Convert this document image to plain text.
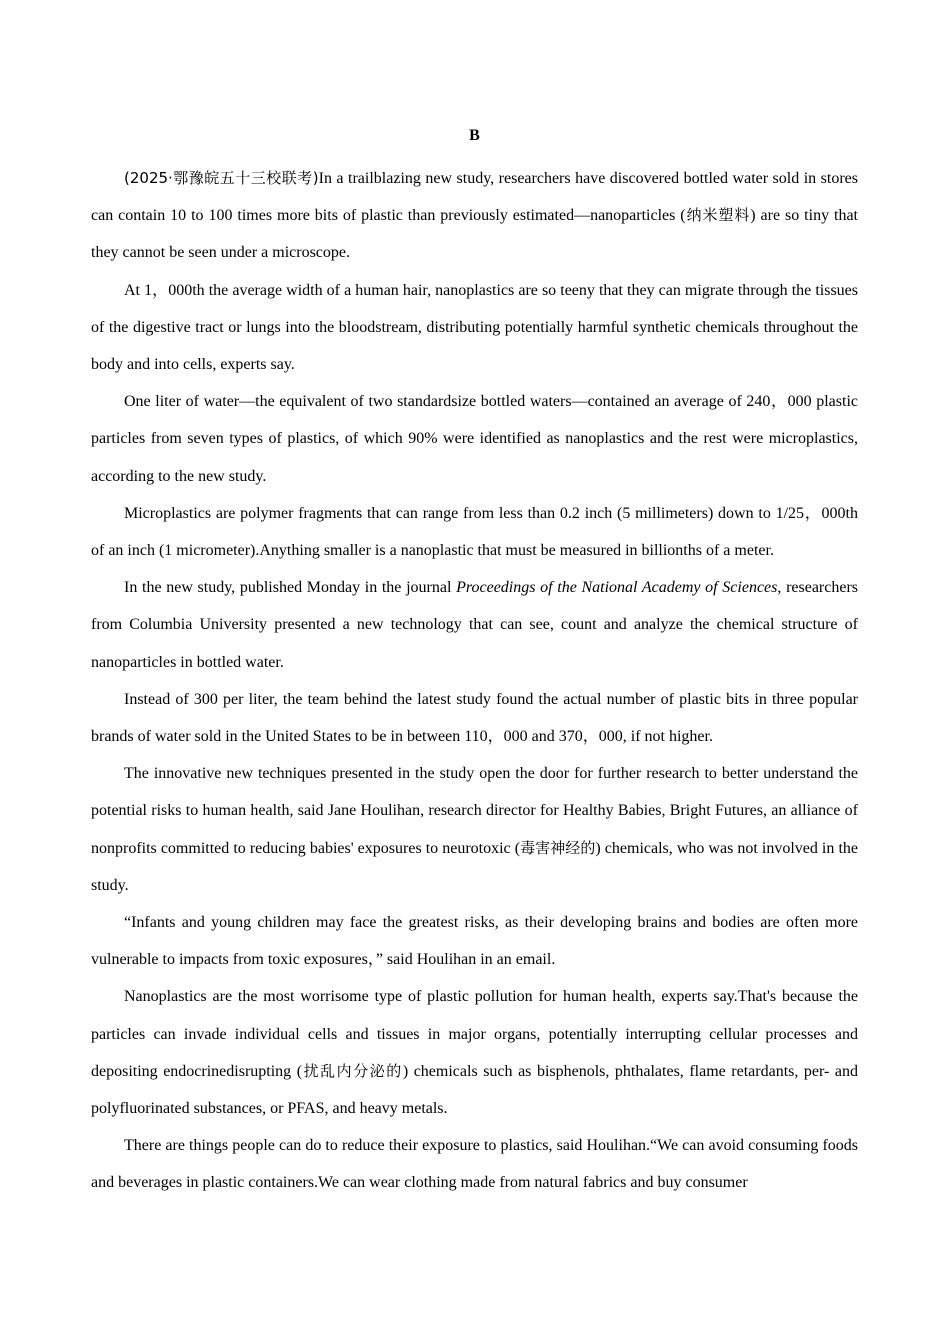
B

(2025·鄂豫皖五十三校联考)In a trailblazing new study, researchers have discovered bottled water sold in stores can contain 10 to 100 times more bits of plastic than previously estimated—nanoparticles (纳米塑料) are so tiny that they cannot be seen under a microscope.

At 1，000th the average width of a human hair, nanoplastics are so teeny that they can migrate through the tissues of the digestive tract or lungs into the bloodstream, distributing potentially harmful synthetic chemicals throughout the body and into cells, experts say.

One liter of water—the equivalent of two standardsize bottled waters—contained an average of 240，000 plastic particles from seven types of plastics, of which 90% were identified as nanoplastics and the rest were microplastics, according to the new study.

Microplastics are polymer fragments that can range from less than 0.2 inch (5 millimeters) down to 1/25，000th of an inch (1 micrometer).Anything smaller is a nanoplastic that must be measured in billionths of a meter.

In the new study, published Monday in the journal Proceedings of the National Academy of Sciences, researchers from Columbia University presented a new technology that can see, count and analyze the chemical structure of nanoparticles in bottled water.

Instead of 300 per liter, the team behind the latest study found the actual number of plastic bits in three popular brands of water sold in the United States to be in between 110，000 and 370，000, if not higher.

The innovative new techniques presented in the study open the door for further research to better understand the potential risks to human health, said Jane Houlihan, research director for Healthy Babies, Bright Futures, an alliance of nonprofits committed to reducing babies' exposures to neurotoxic (毒害神经的) chemicals, who was not involved in the study.

“Infants and young children may face the greatest risks, as their developing brains and bodies are often more vulnerable to impacts from toxic exposures，” said Houlihan in an email.

Nanoplastics are the most worrisome type of plastic pollution for human health, experts say.That's because the particles can invade individual cells and tissues in major organs, potentially interrupting cellular processes and depositing endocrinedisrupting (扰乱内分泌的) chemicals such as bisphenols, phthalates, flame retardants, per- and polyfluorinated substances, or PFAS, and heavy metals.

There are things people can do to reduce their exposure to plastics, said Houlihan.“We can avoid consuming foods and beverages in plastic containers.We can wear clothing made from natural fabrics and buy consumer
